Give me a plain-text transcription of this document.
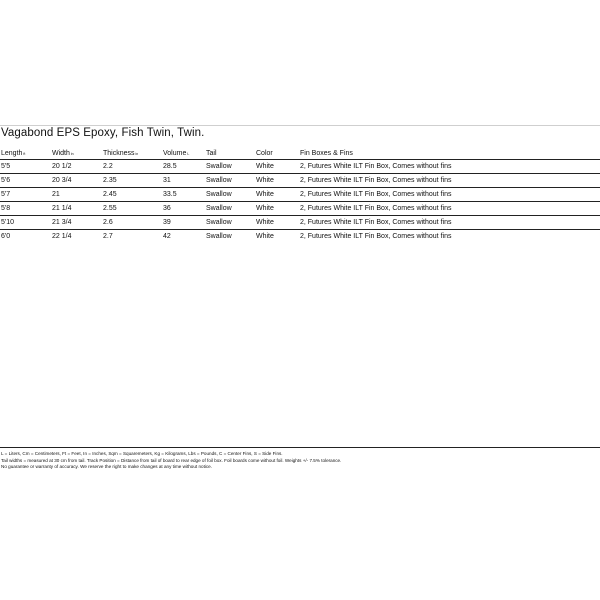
Vagabond EPS Epoxy, Fish Twin, Twin.
Lengthft	Widthin	Thicknessin	VolumeL	Tail	Color	Fin Boxes & Fins
5'5	20 1/2	2.2	28.5	Swallow	White	2, Futures White ILT Fin Box, Comes without fins
5'6	20 3/4	2.35	31	Swallow	White	2, Futures White ILT Fin Box, Comes without fins
5'7	21	2.45	33.5	Swallow	White	2, Futures White ILT Fin Box, Comes without fins
5'8	21 1/4	2.55	36	Swallow	White	2, Futures White ILT Fin Box, Comes without fins
5'10	21 3/4	2.6	39	Swallow	White	2, Futures White ILT Fin Box, Comes without fins
6'0	22 1/4	2.7	42	Swallow	White	2, Futures White ILT Fin Box, Comes without fins

L = Liters, Cm = Centimeters, Ft = Feet, In = Inches, Sqm = Squaremeters, Kg = Kilograms, Lbs = Pounds, C = Center Fins, S = Side Fins.

Tail widths = measured at 30 cm from tail. Track Position = Distance from tail of board to rear edge of foil box. Foil boards come without foil. Weights +/- 7.5% tolerance.

No guarantee or warranty of accuracy. We reserve the right to make changes at any time without notice.
